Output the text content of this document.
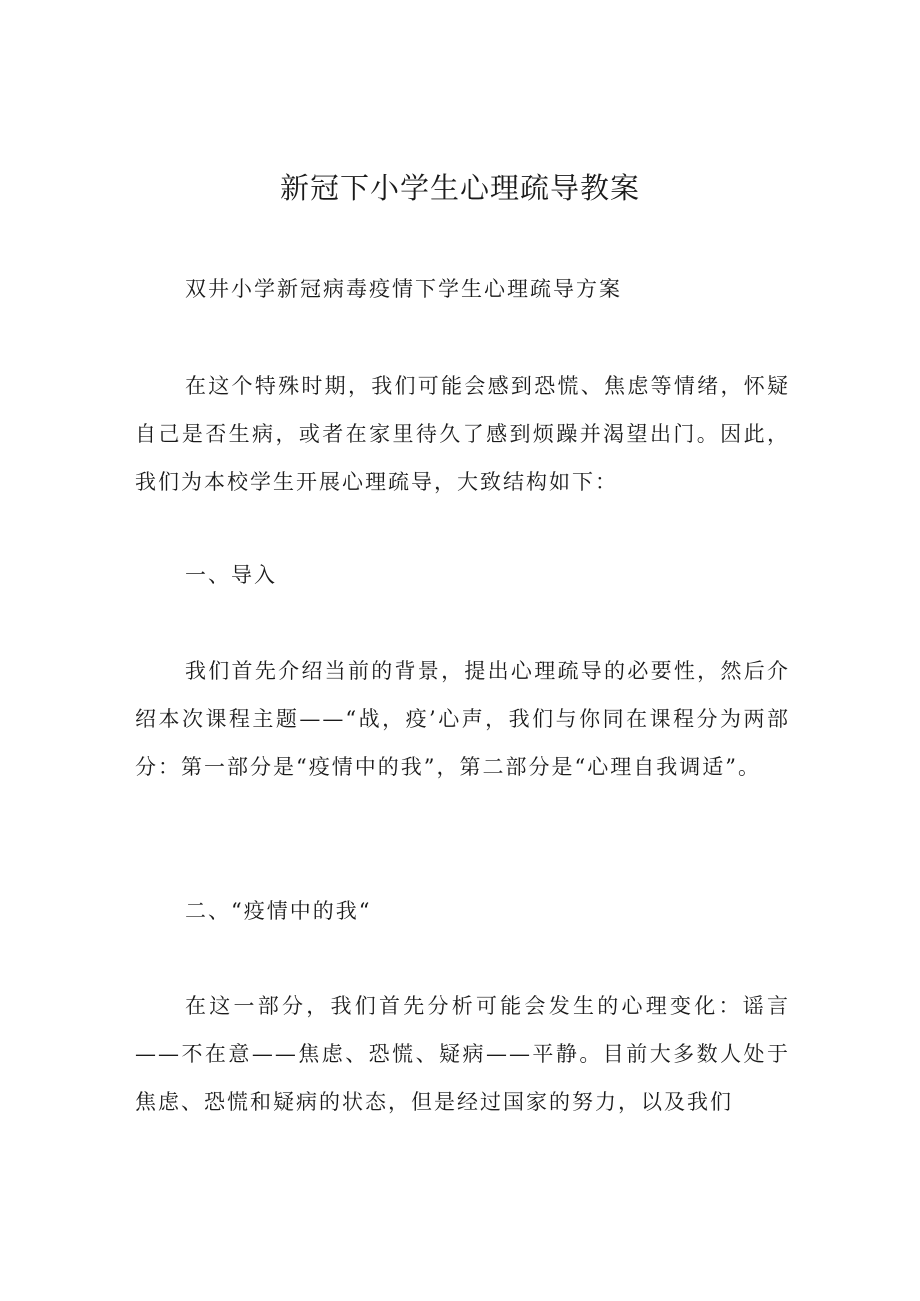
新冠下小学生心理疏导教案

双井小学新冠病毒疫情下学生心理疏导方案

在这个特殊时期，我们可能会感到恐慌、焦虑等情绪，怀疑自己是否生病，或者在家里待久了感到烦躁并渴望出门。因此，我们为本校学生开展心理疏导，大致结构如下：

一、导入

我们首先介绍当前的背景，提出心理疏导的必要性，然后介绍本次课程主题——“战，疫’心声，我们与你同在课程分为两部分：第一部分是“疫情中的我”，第二部分是“心理自我调适”。

二、“疫情中的我“

在这一部分，我们首先分析可能会发生的心理变化：谣言——不在意——焦虑、恐慌、疑病——平静。目前大多数人处于焦虑、恐慌和疑病的状态，但是经过国家的努力，以及我们
